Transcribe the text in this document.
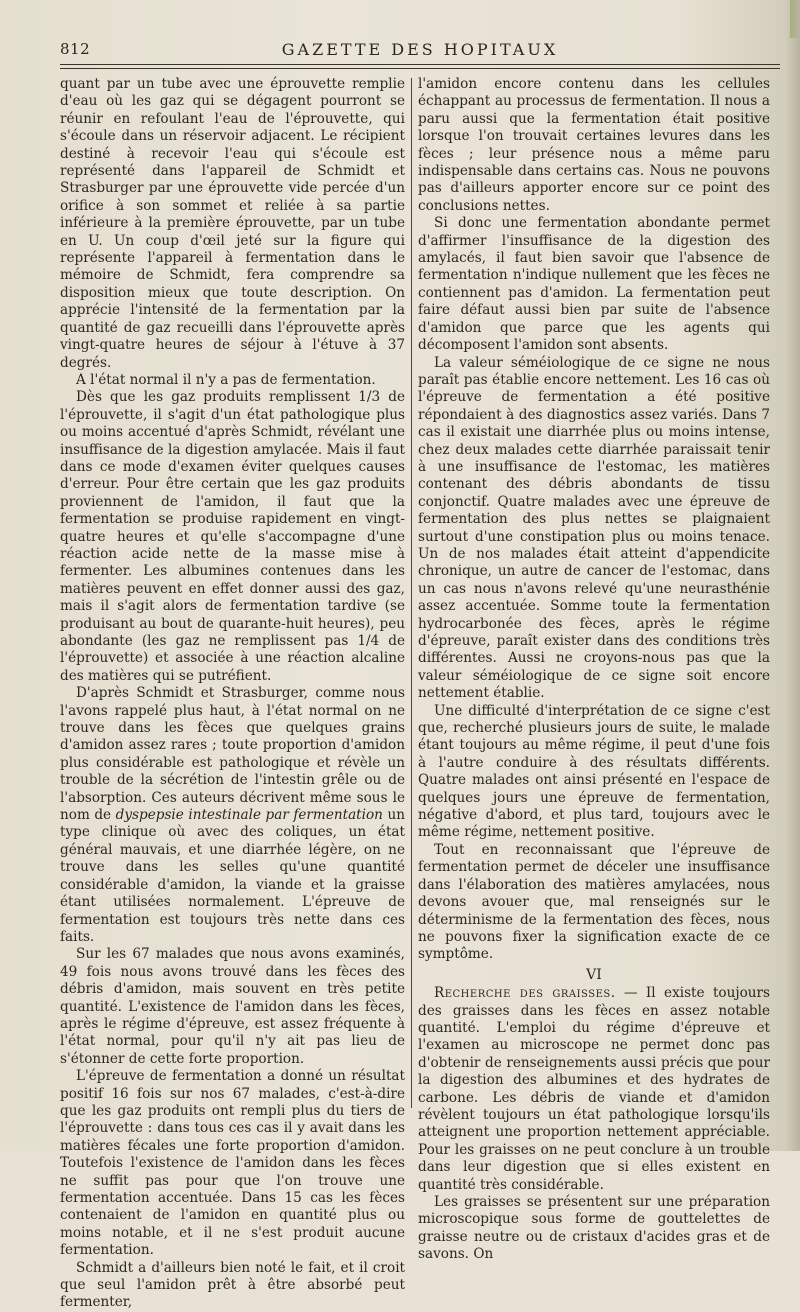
812	GAZETTE DES HOPITAUX

quant par un tube avec une éprouvette remplie d'eau où les gaz qui se dégagent pourront se réunir en refoulant l'eau de l'éprouvette, qui s'écoule dans un réservoir adjacent. Le récipient destiné à recevoir l'eau qui s'écoule est représenté dans l'appareil de Schmidt et Strasburger par une éprouvette vide percée d'un orifice à son sommet et reliée à sa partie inférieure à la première éprouvette, par un tube en U. Un coup d'œil jeté sur la figure qui représente l'appareil à fermentation dans le mémoire de Schmidt, fera comprendre sa disposition mieux que toute description. On apprécie l'intensité de la fermentation par la quantité de gaz recueilli dans l'éprouvette après vingt-quatre heures de séjour à l'étuve à 37 degrés.

A l'état normal il n'y a pas de fermentation.

Dès que les gaz produits remplissent 1/3 de l'éprouvette, il s'agit d'un état pathologique plus ou moins accentué d'après Schmidt, révélant une insuffisance de la digestion amylacée. Mais il faut dans ce mode d'examen éviter quelques causes d'erreur. Pour être certain que les gaz produits proviennent de l'amidon, il faut que la fermentation se produise rapidement en vingt-quatre heures et qu'elle s'accompagne d'une réaction acide nette de la masse mise à fermenter. Les albumines contenues dans les matières peuvent en effet donner aussi des gaz, mais il s'agit alors de fermentation tardive (se produisant au bout de quarante-huit heures), peu abondante (les gaz ne remplissent pas 1/4 de l'éprouvette) et associée à une réaction alcaline des matières qui se putréfient.

D'après Schmidt et Strasburger, comme nous l'avons rappelé plus haut, à l'état normal on ne trouve dans les fèces que quelques grains d'amidon assez rares ; toute proportion d'amidon plus considérable est pathologique et révèle un trouble de la sécrétion de l'intestin grêle ou de l'absorption. Ces auteurs décrivent même sous le nom de dyspepsie intestinale par fermentation un type clinique où avec des coliques, un état général mauvais, et une diarrhée légère, on ne trouve dans les selles qu'une quantité considérable d'amidon, la viande et la graisse étant utilisées normalement. L'épreuve de fermentation est toujours très nette dans ces faits.

Sur les 67 malades que nous avons examinés, 49 fois nous avons trouvé dans les fèces des débris d'amidon, mais souvent en très petite quantité. L'existence de l'amidon dans les fèces, après le régime d'épreuve, est assez fréquente à l'état normal, pour qu'il n'y ait pas lieu de s'étonner de cette forte proportion.

L'épreuve de fermentation a donné un résultat positif 16 fois sur nos 67 malades, c'est-à-dire que les gaz produits ont rempli plus du tiers de l'éprouvette : dans tous ces cas il y avait dans les matières fécales une forte proportion d'amidon. Toutefois l'existence de l'amidon dans les fèces ne suffit pas pour que l'on trouve une fermentation accentuée. Dans 15 cas les fèces contenaient de l'amidon en quantité plus ou moins notable, et il ne s'est produit aucune fermentation.

Schmidt a d'ailleurs bien noté le fait, et il croit que seul l'amidon prêt à être absorbé peut fermenter,

l'amidon encore contenu dans les cellules échappant au processus de fermentation. Il nous a paru aussi que la fermentation était positive lorsque l'on trouvait certaines levures dans les fèces ; leur présence nous a même paru indispensable dans certains cas. Nous ne pouvons pas d'ailleurs apporter encore sur ce point des conclusions nettes.

Si donc une fermentation abondante permet d'affirmer l'insuffisance de la digestion des amylacés, il faut bien savoir que l'absence de fermentation n'indique nullement que les fèces ne contiennent pas d'amidon. La fermentation peut faire défaut aussi bien par suite de l'absence d'amidon que parce que les agents qui décomposent l'amidon sont absents.

La valeur séméiologique de ce signe ne nous paraît pas établie encore nettement. Les 16 cas où l'épreuve de fermentation a été positive répondaient à des diagnostics assez variés. Dans 7 cas il existait une diarrhée plus ou moins intense, chez deux malades cette diarrhée paraissait tenir à une insuffisance de l'estomac, les matières contenant des débris abondants de tissu conjonctif. Quatre malades avec une épreuve de fermentation des plus nettes se plaignaient surtout d'une constipation plus ou moins tenace. Un de nos malades était atteint d'appendicite chronique, un autre de cancer de l'estomac, dans un cas nous n'avons relevé qu'une neurasthénie assez accentuée. Somme toute la fermentation hydrocarbonée des fèces, après le régime d'épreuve, paraît exister dans des conditions très différentes. Aussi ne croyons-nous pas que la valeur séméiologique de ce signe soit encore nettement établie.

Une difficulté d'interprétation de ce signe c'est que, recherché plusieurs jours de suite, le malade étant toujours au même régime, il peut d'une fois à l'autre conduire à des résultats différents. Quatre malades ont ainsi présenté en l'espace de quelques jours une épreuve de fermentation, négative d'abord, et plus tard, toujours avec le même régime, nettement positive.

Tout en reconnaissant que l'épreuve de fermentation permet de déceler une insuffisance dans l'élaboration des matières amylacées, nous devons avouer que, mal renseignés sur le déterminisme de la fermentation des fèces, nous ne pouvons fixer la signification exacte de ce symptôme.

VI

Recherche des graisses. — Il existe toujours des graisses dans les fèces en assez notable quantité. L'emploi du régime d'épreuve et l'examen au microscope ne permet donc pas d'obtenir de renseignements aussi précis que pour la digestion des albumines et des hydrates de carbone. Les débris de viande et d'amidon révèlent toujours un état pathologique lorsqu'ils atteignent une proportion nettement appréciable. Pour les graisses on ne peut conclure à un trouble dans leur digestion que si elles existent en quantité très considérable.

Les graisses se présentent sur une préparation microscopique sous forme de gouttelettes de graisse neutre ou de cristaux d'acides gras et de savons. On
